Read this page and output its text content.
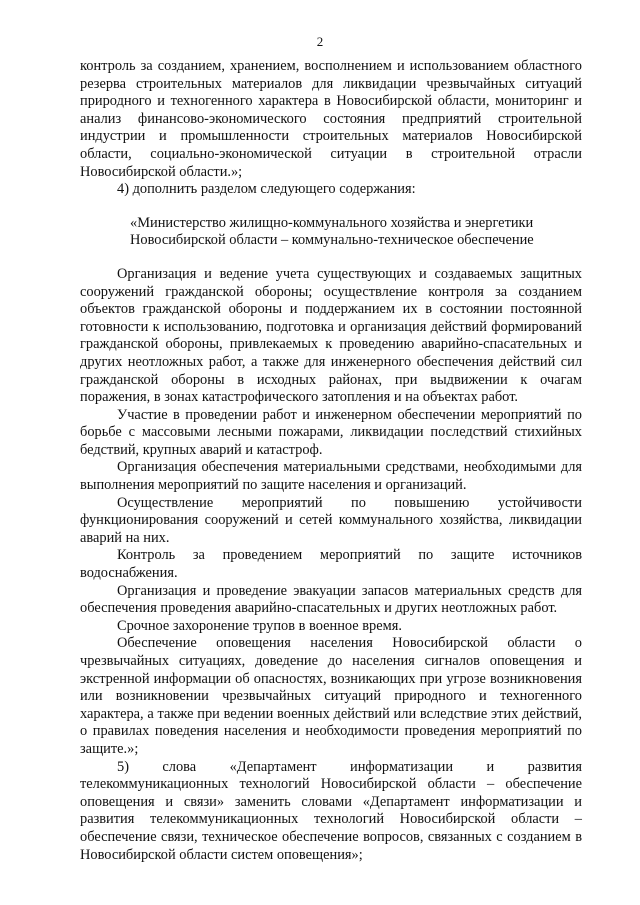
2

контроль за созданием, хранением, восполнением и использованием областного резерва строительных материалов для ликвидации чрезвычайных ситуаций природного и техногенного характера в Новосибирской области, мониторинг и анализ финансово-экономического состояния предприятий строительной индустрии и промышленности строительных материалов Новосибирской области, социально-экономической ситуации в строительной отрасли Новосибирской области.»;

4) дополнить разделом следующего содержания:

«Министерство жилищно-коммунального хозяйства и энергетики Новосибирской области – коммунально-техническое обеспечение

Организация и ведение учета существующих и создаваемых защитных сооружений гражданской обороны; осуществление контроля за созданием объектов гражданской обороны и поддержанием их в состоянии постоянной готовности к использованию, подготовка и организация действий формирований гражданской обороны, привлекаемых к проведению аварийно-спасательных и других неотложных работ, а также для инженерного обеспечения действий сил гражданской обороны в исходных районах, при выдвижении к очагам поражения, в зонах катастрофического затопления и на объектах работ.

Участие в проведении работ и инженерном обеспечении мероприятий по борьбе с массовыми лесными пожарами, ликвидации последствий стихийных бедствий, крупных аварий и катастроф.

Организация обеспечения материальными средствами, необходимыми для выполнения мероприятий по защите населения и организаций.

Осуществление мероприятий по повышению устойчивости функционирования сооружений и сетей коммунального хозяйства, ликвидации аварий на них.

Контроль за проведением мероприятий по защите источников водоснабжения.

Организация и проведение эвакуации запасов материальных средств для обеспечения проведения аварийно-спасательных и других неотложных работ.

Срочное захоронение трупов в военное время.

Обеспечение оповещения населения Новосибирской области о чрезвычайных ситуациях, доведение до населения сигналов оповещения и экстренной информации об опасностях, возникающих при угрозе возникновения или возникновении чрезвычайных ситуаций природного и техногенного характера, а также при ведении военных действий или вследствие этих действий, о правилах поведения населения и необходимости проведения мероприятий по защите.»;

5) слова «Департамент информатизации и развития телекоммуникационных технологий Новосибирской области – обеспечение оповещения и связи» заменить словами «Департамент информатизации и развития телекоммуникационных технологий Новосибирской области – обеспечение связи, техническое обеспечение вопросов, связанных с созданием в Новосибирской области систем оповещения»;
